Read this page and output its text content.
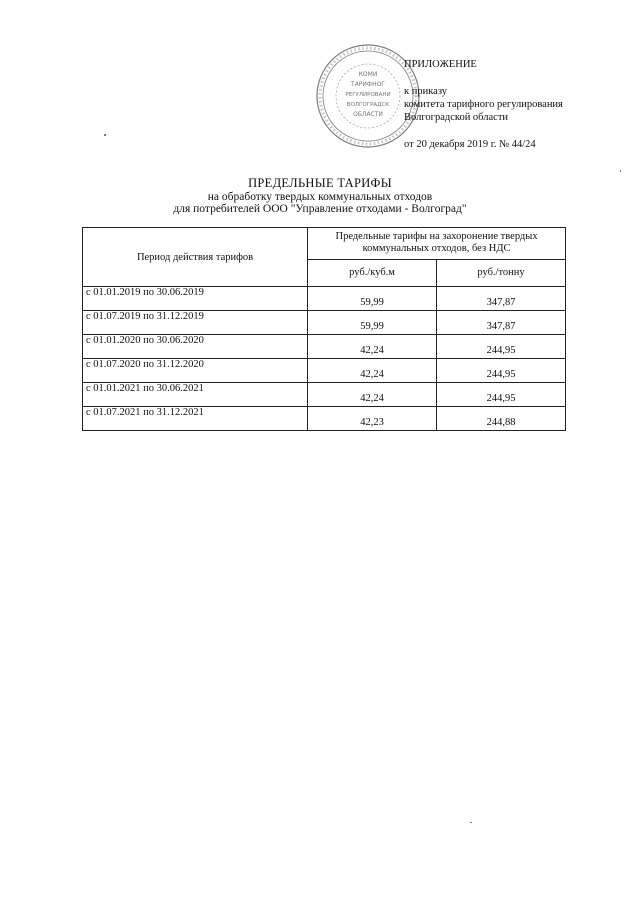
КОМИ
ТАРИФНОГ
РЕГУЛИРОВАНИ
ВОЛГОГРАДСК
ОБЛАСТИ
ПРИЛОЖЕНИЕ
к приказу
комитета тарифного регулирования
Волгоградской области
от 20 декабря 2019 г. № 44/24
ПРЕДЕЛЬНЫЕ ТАРИФЫ
на обработку твердых коммунальных отходов
для потребителей ООО "Управление отходами - Волгоград"
Период действия тарифов	Предельные тарифы на захоронение твердых коммунальных отходов, без НДС	
	руб./куб.м	руб./тонну
с 01.01.2019 по 30.06.2019	59,99	347,87
с 01.07.2019 по 31.12.2019	59,99	347,87
с 01.01.2020 по 30.06.2020	42,24	244,95
с 01.07.2020 по 31.12.2020	42,24	244,95
с 01.01.2021 по 30.06.2021	42,24	244,95
с 01.07.2021 по 31.12.2021	42,23	244,88
